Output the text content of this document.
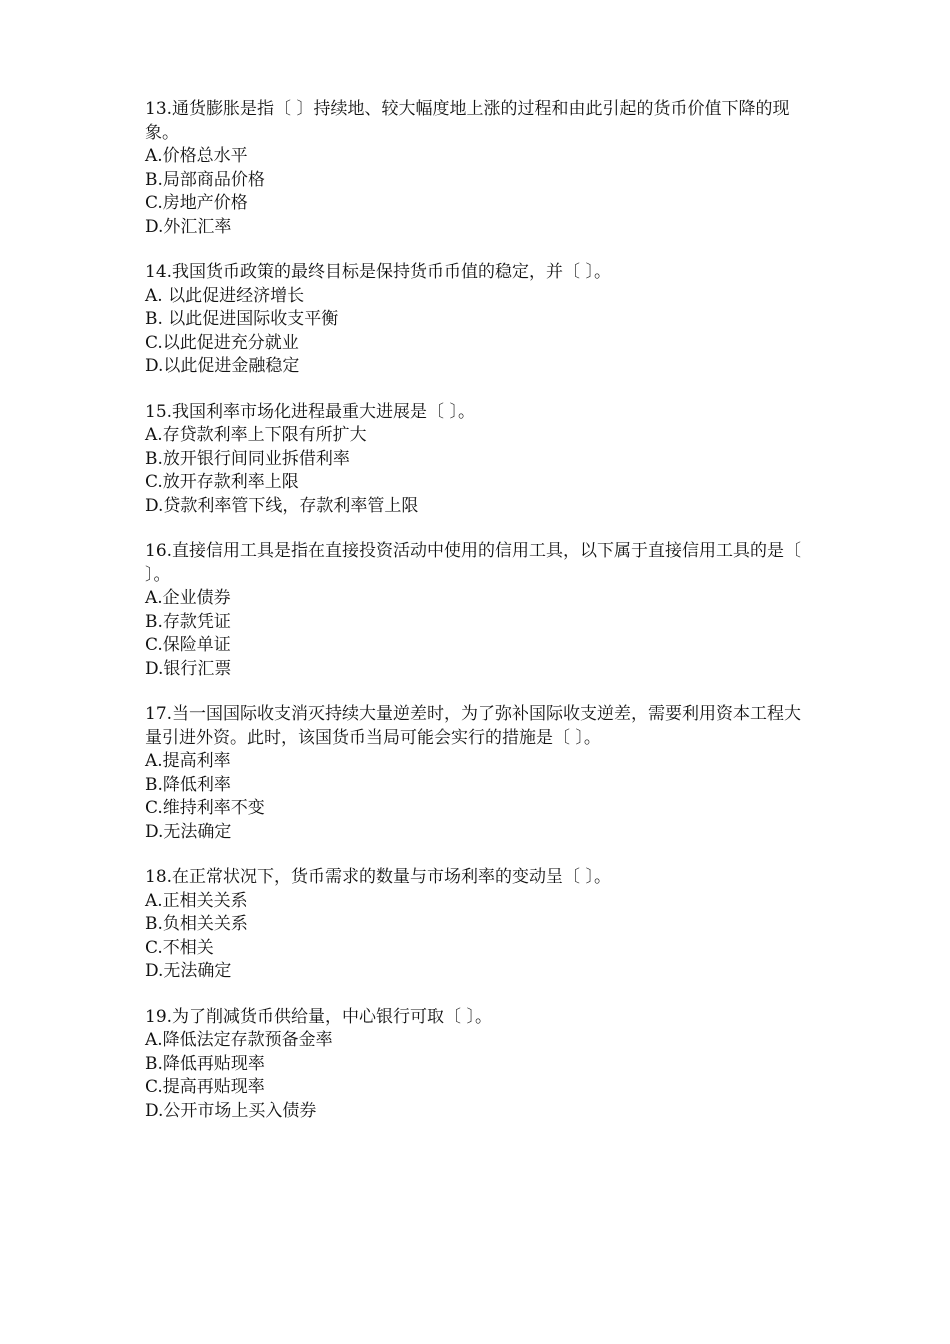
13.通货膨胀是指〔 〕持续地、较大幅度地上涨的过程和由此引起的货币价值下降的现象。

A.价格总水平

B.局部商品价格

C.房地产价格

D.外汇汇率

14.我国货币政策的最终目标是保持货币币值的稳定，并〔 〕。

A. 以此促进经济增长

B. 以此促进国际收支平衡

C.以此促进充分就业

D.以此促进金融稳定

15.我国利率市场化进程最重大进展是〔 〕。

A.存贷款利率上下限有所扩大

B.放开银行间同业拆借利率

C.放开存款利率上限

D.贷款利率管下线，存款利率管上限

16.直接信用工具是指在直接投资活动中使用的信用工具，以下属于直接信用工具的是〔 〕。

A.企业债券

B.存款凭证

C.保险单证

D.银行汇票

17.当一国国际收支消灭持续大量逆差时，为了弥补国际收支逆差，需要利用资本工程大量引进外资。此时，该国货币当局可能会实行的措施是〔 〕。

A.提高利率

B.降低利率

C.维持利率不变

D.无法确定

18.在正常状况下，货币需求的数量与市场利率的变动呈〔 〕。

A.正相关关系

B.负相关关系

C.不相关

D.无法确定

19.为了削减货币供给量，中心银行可取〔 〕。

A.降低法定存款预备金率

B.降低再贴现率

C.提高再贴现率

D.公开市场上买入债券
